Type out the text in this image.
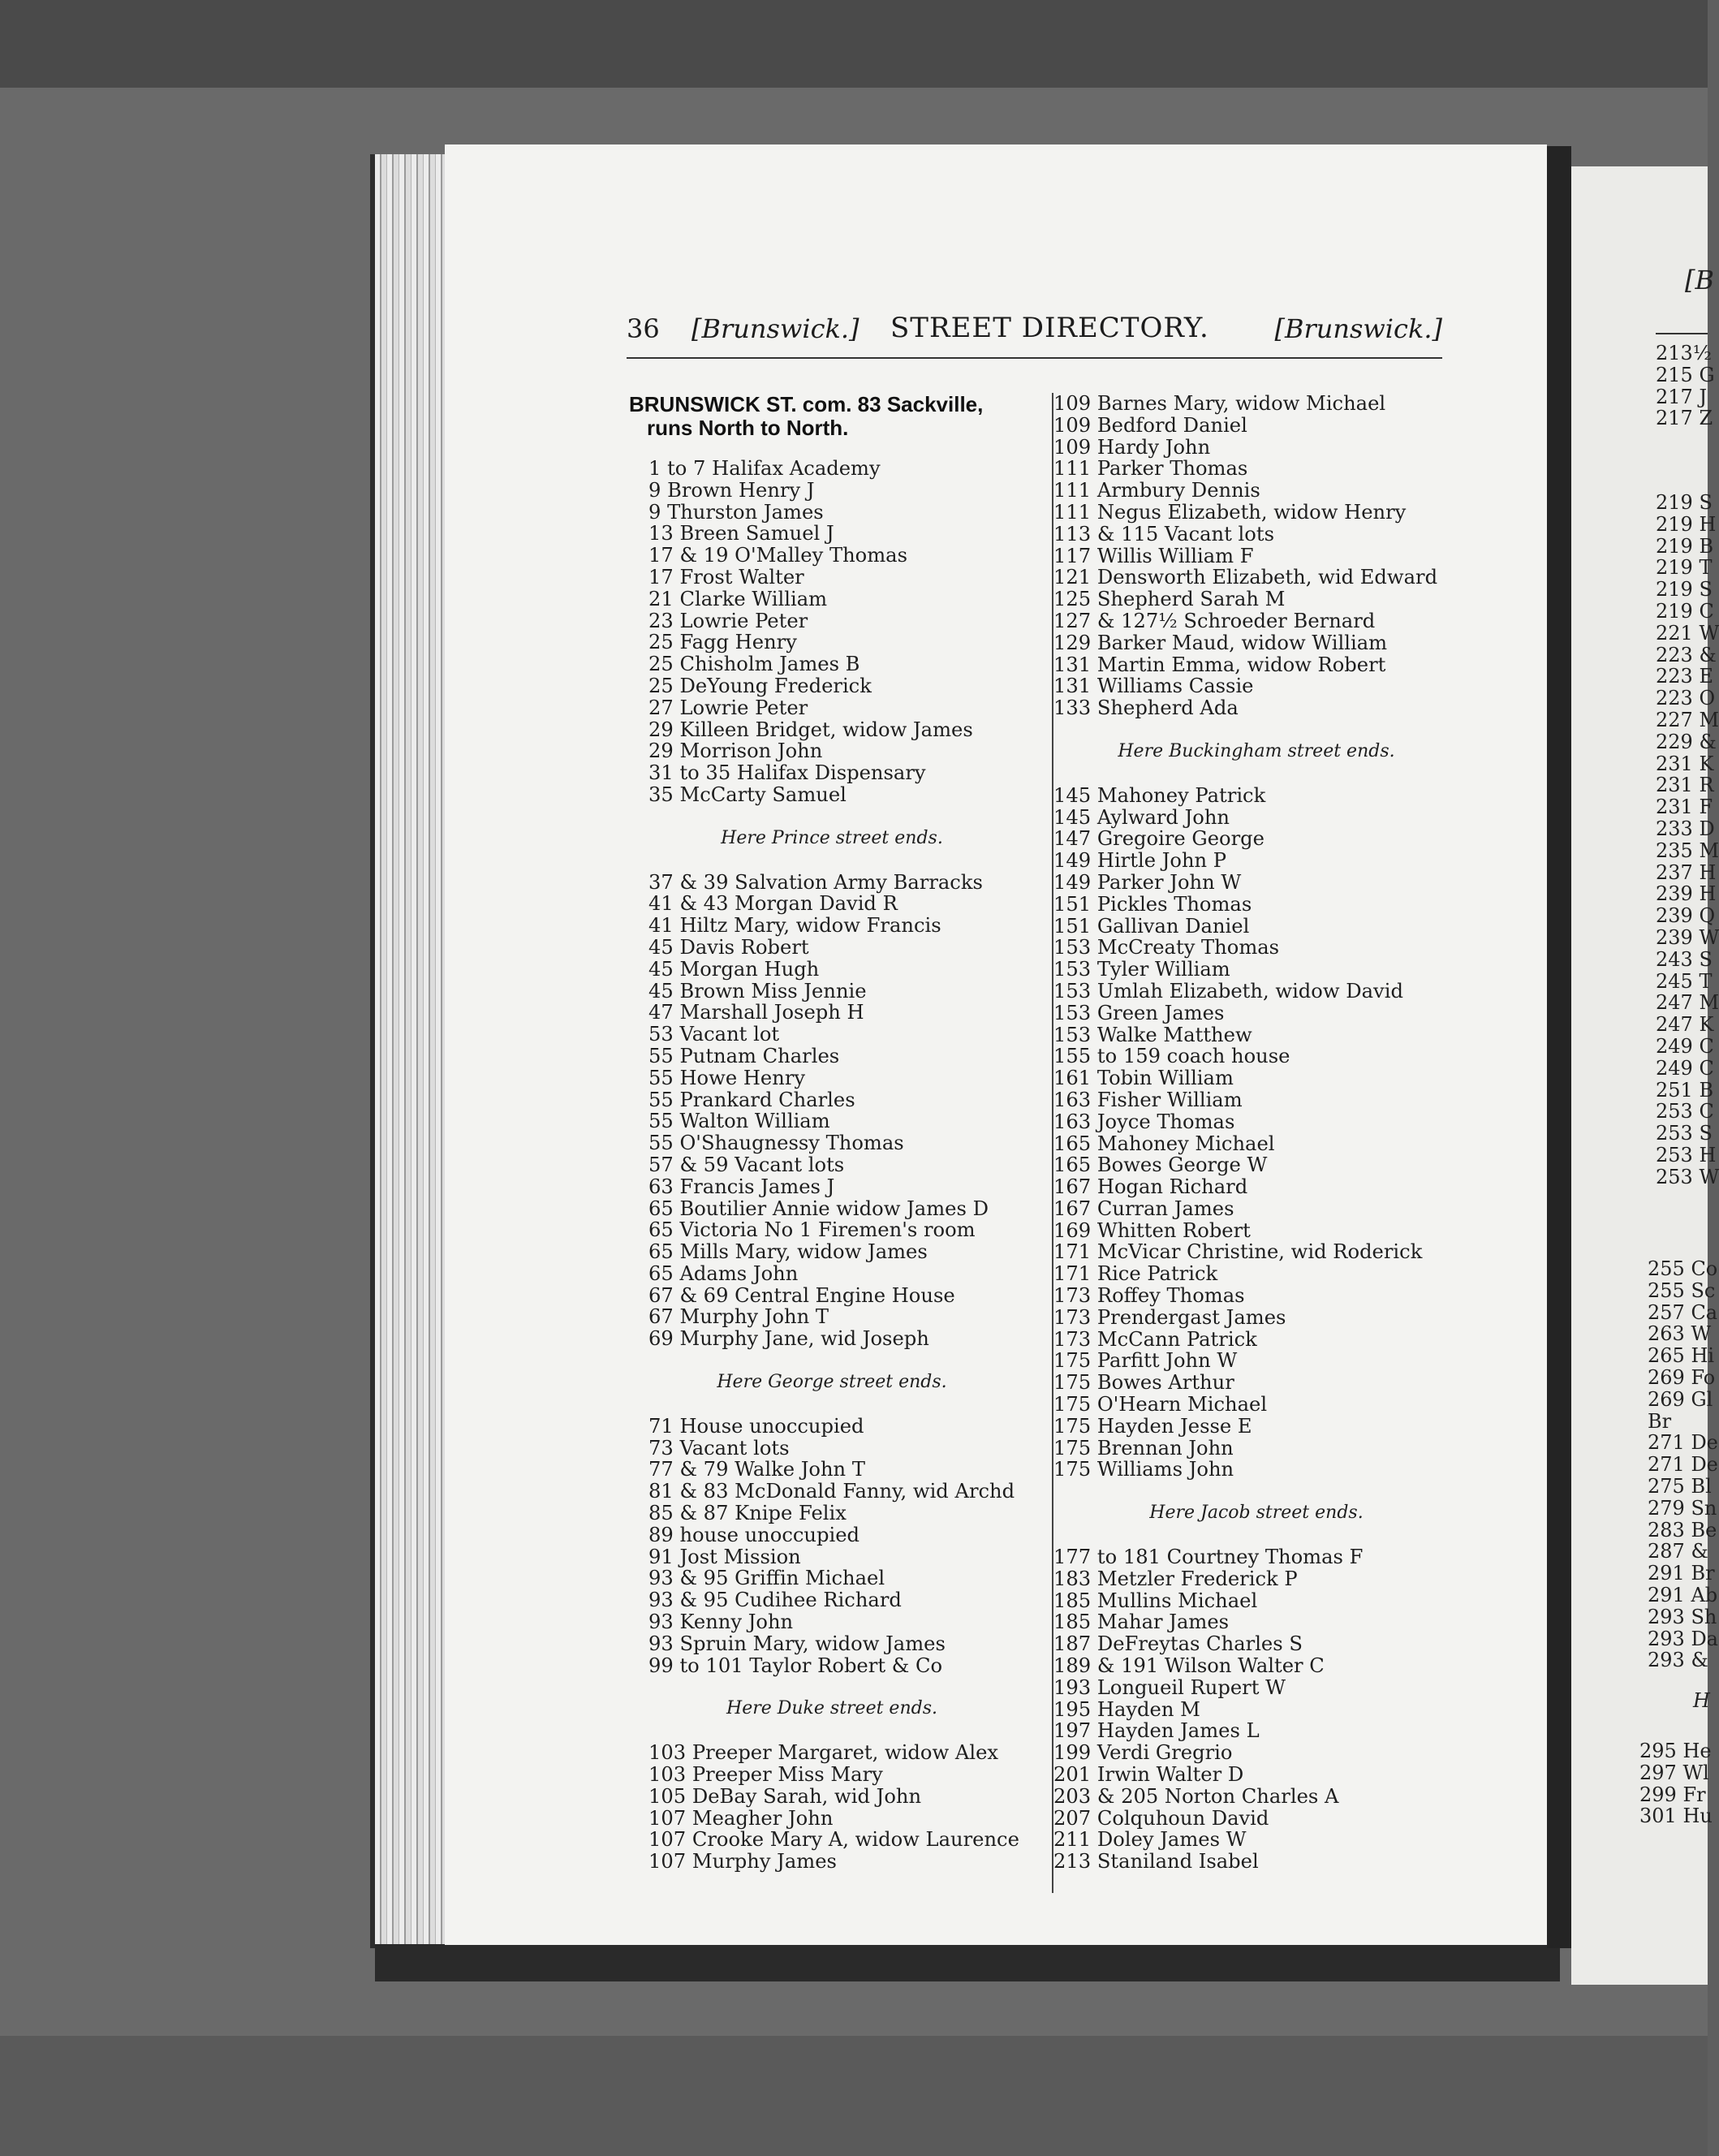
36 [Brunswick.] STREET DIRECTORY.	[Brunswick.]
BRUNSWICK ST. com. 83 Sackville,
runs North to North.
1 to 7 Halifax Academy
9 Brown Henry J
9 Thurston James
13 Breen Samuel J
17 & 19 O'Malley Thomas
17 Frost Walter
21 Clarke William
23 Lowrie Peter
25 Fagg Henry
25 Chisholm James B
25 DeYoung Frederick
27 Lowrie Peter
29 Killeen Bridget, widow James
29 Morrison John
31 to 35 Halifax Dispensary
35 McCarty Samuel
Here Prince street ends.
37 & 39 Salvation Army Barracks
41 & 43 Morgan David R
41 Hiltz Mary, widow Francis
45 Davis Robert
45 Morgan Hugh
45 Brown Miss Jennie
47 Marshall Joseph H
53 Vacant lot
55 Putnam Charles
55 Howe Henry
55 Prankard Charles
55 Walton William
55 O'Shaugnessy Thomas
57 & 59 Vacant lots
63 Francis James J
65 Boutilier Annie widow James D
65 Victoria No 1 Firemen's room
65 Mills Mary, widow James
65 Adams John
67 & 69 Central Engine House
67 Murphy John T
69 Murphy Jane, wid Joseph
Here George street ends.
71 House unoccupied
73 Vacant lots
77 & 79 Walke John T
81 & 83 McDonald Fanny, wid Archd
85 & 87 Knipe Felix
89 house unoccupied
91 Jost Mission
93 & 95 Griffin Michael
93 & 95 Cudihee Richard
93 Kenny John
93 Spruin Mary, widow James
99 to 101 Taylor Robert & Co
Here Duke street ends.
103 Preeper Margaret, widow Alex
103 Preeper Miss Mary
105 DeBay Sarah, wid John
107 Meagher John
107 Crooke Mary A, widow Laurence
107 Murphy James
109 Barnes Mary, widow Michael
109 Bedford Daniel
109 Hardy John
111 Parker Thomas
111 Armbury Dennis
111 Negus Elizabeth, widow Henry
113 & 115 Vacant lots
117 Willis William F
121 Densworth Elizabeth, wid Edward
125 Shepherd Sarah M
127 & 127½ Schroeder Bernard
129 Barker Maud, widow William
131 Martin Emma, widow Robert
131 Williams Cassie
133 Shepherd Ada
Here Buckingham street ends.
145 Mahoney Patrick
145 Aylward John
147 Gregoire George
149 Hirtle John P
149 Parker John W
151 Pickles Thomas
151 Gallivan Daniel
153 McCreaty Thomas
153 Tyler William
153 Umlah Elizabeth, widow David
153 Green James
153 Walke Matthew
155 to 159 coach house
161 Tobin William
163 Fisher William
163 Joyce Thomas
165 Mahoney Michael
165 Bowes George W
167 Hogan Richard
167 Curran James
169 Whitten Robert
171 McVicar Christine, wid Roderick
171 Rice Patrick
173 Roffey Thomas
173 Prendergast James
173 McCann Patrick
175 Parfitt John W
175 Bowes Arthur
175 O'Hearn Michael
175 Hayden Jesse E
175 Brennan John
175 Williams John
Here Jacob street ends.
177 to 181 Courtney Thomas F
183 Metzler Frederick P
185 Mullins Michael
185 Mahar James
187 DeFreytas Charles S
189 & 191 Wilson Walter C
193 Longueil Rupert W
195 Hayden M
197 Hayden James L
199 Verdi Gregrio
201 Irwin Walter D
203 & 205 Norton Charles A
207 Colquhoun David
211 Doley James W
213 Staniland Isabel
[B
213½
215 G
217 J
217 Z
219 S
219 H
219 B
219 T
219 S
219 C
221 W
223 &
223 E
223 O
227 M
229 &
231 K
231 R
231 F
233 D
235 M
237 H
239 H
239 Q
239 W
243 S
245 T
247 M
247 K
249 C
249 C
251 B
253 C
253 S
253 H
253 W
255 Co
255 Sc
257 Ca
263 W
265 Hi
269 Fo
269 Gl
Br
271 De
271 De
275 Bl
279 Sn
283 Be
287 &
291 Br
291 Ab
293 Sh
293 Da
293 &
H
295 He
297 Wl
299 Fr
301 Hu
